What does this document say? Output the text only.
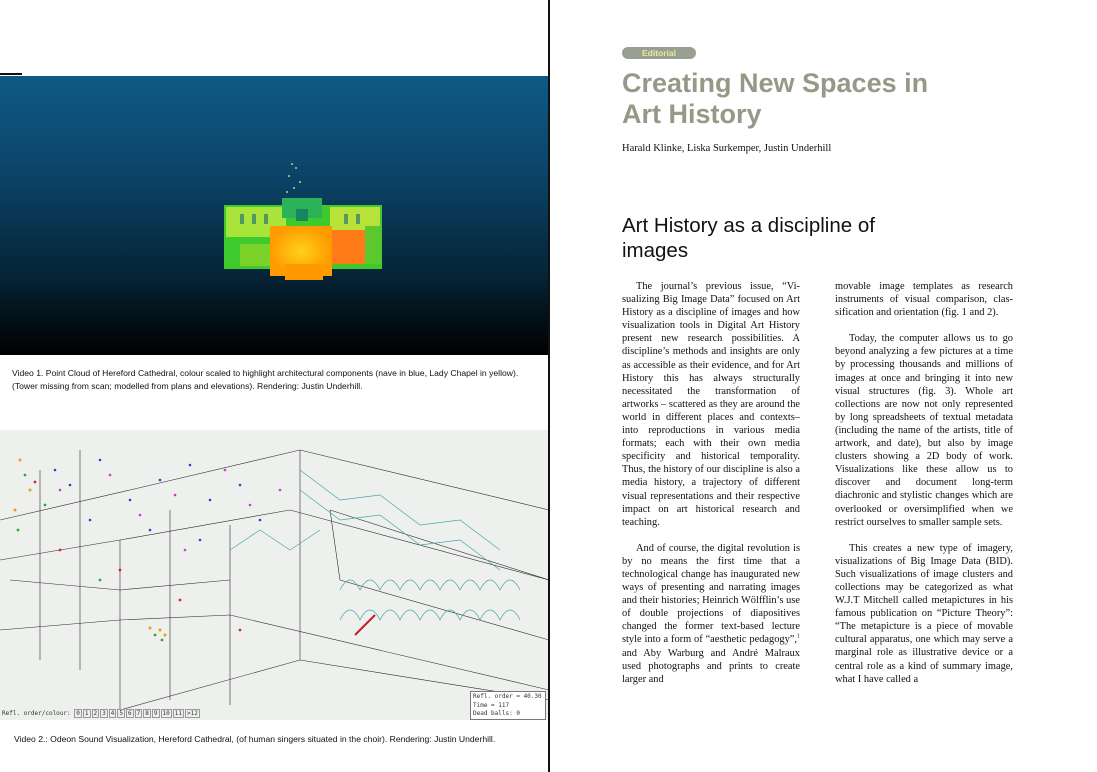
Video 1. Point Cloud of Hereford Cathedral, colour scaled to highlight architectural components (nave in blue, Lady Chapel in yellow). (Tower missing from scan; modelled from plans and elevations). Rendering: Justin Underhill.
Refl. order/colour: 0 1 2 3 4 5 6 7 8 9 10 11 >12
Refl. order = 40.30
Time = 117
Dead balls: 0
Video 2.: Odeon Sound Visualization, Hereford Cathedral, (of human singers situated in the choir). Rendering: Justin Underhill.
Editorial
Creating New Spaces in Art History
Harald Klinke, Liska Surkemper, Justin Underhill
Art History as a discipline of images

The journal’s previous issue, “Visualizing Big Image Data” focused on Art History as a discipline of images and how visualization tools in Digital Art History present new research possibilities. A discipline’s methods and insights are only as accessible as their evidence, and for Art History this has always structurally necessitated the transformation of artworks – scattered as they are around the world in different places and contexts– into reproductions in various media formats; each with their own media specificity and historical temporality. Thus, the history of our discipline is also a media history, a trajectory of different visual representations and their respective impact on art historical research and teaching.

And of course, the digital revolution is by no means the first time that a technological change has inaugurated new ways of presenting and narrating images and their histories; Heinrich Wölfflin’s use of double projections of diapositives changed the former text-based lecture style into a form of “aesthetic pedagogy”,$^1$ and Aby Warburg and André Malraux used photographs and prints to create larger and

movable image templates as research instruments of visual comparison, classification and orientation (fig. 1 and 2).

Today, the computer allows us to go beyond analyzing a few pictures at a time by processing thousands and millions of images at once and bringing it into new visual structures (fig. 3). Whole art collections are now not only represented by long spreadsheets of textual metadata (including the name of the artists, title of artwork, and date), but also by image clusters showing a 2D body of work. Visualizations like these allow us to discover and document long-term diachronic and stylistic changes which are overlooked or oversimplified when we restrict ourselves to smaller sample sets.

This creates a new type of imagery, visualizations of Big Image Data (BID). Such visualizations of image clusters and collections may be categorized as what W.J.T Mitchell called metapictures in his famous publication on “Picture Theory”: “The metapicture is a piece of movable cultural apparatus, one which may serve a marginal role as illustrative device or a central role as a kind of summary image, what I have called a
